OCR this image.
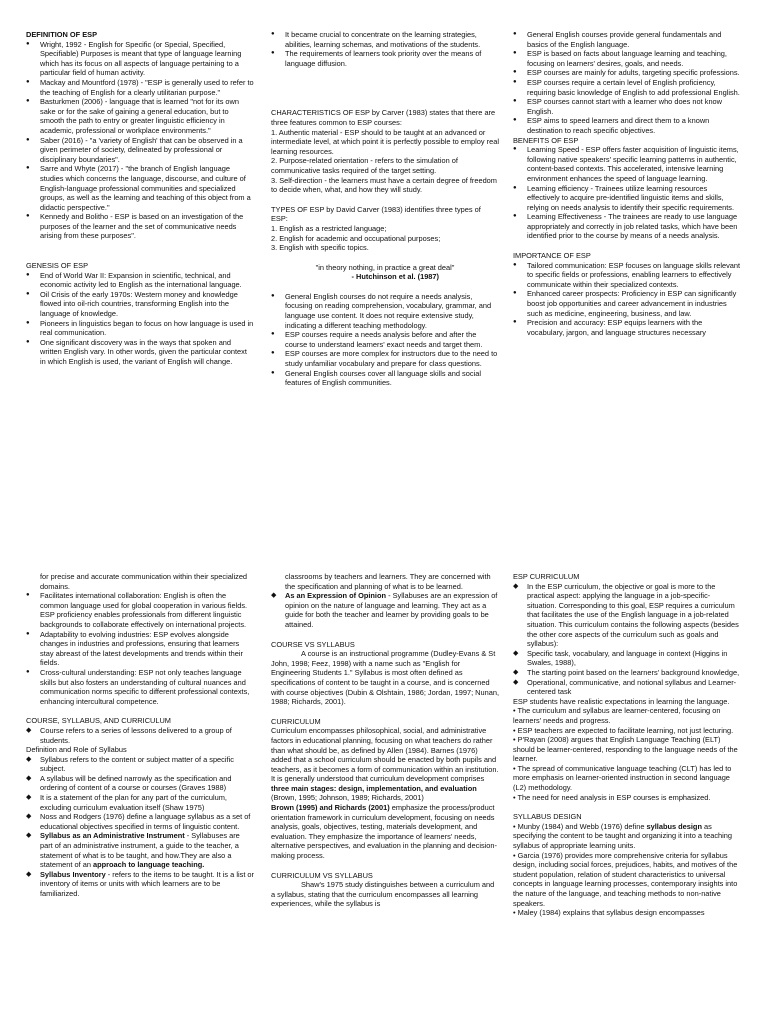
DEFINITION OF ESP

● Wright, 1992 - English for Specific (or Special, Specified, Specifiable) Purposes is meant that type of language learning which has its focus on all aspects of language pertaining to a particular field of human activity.
● Mackay and Mountford (1978) - "ESP is generally used to refer to the teaching of English for a clearly utilitarian purpose."
● Basturkmen (2006) - language that is learned "not for its own sake or for the sake of gaining a general education, but to smooth the path to entry or greater linguistic efficiency in academic, professional or workplace environments."
● Saber (2016) - "a 'variety of English' that can be observed in a given perimeter of society, delineated by professional or disciplinary boundaries".
● Sarre and Whyte (2017) - "the branch of English language studies which concerns the language, discourse, and culture of English-language professional communities and specialized groups, as well as the learning and teaching of this object from a didactic perspective."
● Kennedy and Bolitho - ESP is based on an investigation of the purposes of the learner and the set of communicative needs arising from these purposes".

GENESIS OF ESP

● End of World War II: Expansion in scientific, technical, and economic activity led to English as the international language.
● Oil Crisis of the early 1970s: Western money and knowledge flowed into oil-rich countries, transforming English into the language of knowledge.
● Pioneers in linguistics began to focus on how language is used in real communication.
● One significant discovery was in the ways that spoken and written English vary. In other words, given the particular context in which English is used, the variant of English will change.
● It became crucial to concentrate on the learning strategies, abilities, learning schemas, and motivations of the students.
● The requirements of learners took priority over the means of language diffusion.

CHARACTERISTICS OF ESP by Carver (1983) states that there are three features common to ESP courses:

1. Authentic material - ESP should to be taught at an advanced or intermediate level, at which point it is perfectly possible to employ real learning resources.

2. Purpose-related orientation - refers to the simulation of communicative tasks required of the target setting.

3. Self-direction - the learners must have a certain degree of freedom to decide when, what, and how they will study.

TYPES OF ESP by David Carver (1983) identifies three types of ESP:

1. English as a restricted language;

2. English for academic and occupational purposes;

3. English with specific topics.

"in theory nothing, in practice a great deal"

- Hutchinson et al. (1987)

● General English courses do not require a needs analysis, focusing on reading comprehension, vocabulary, grammar, and language use content. It does not require extensive study, indicating a different teaching methodology.
● ESP courses require a needs analysis before and after the course to understand learners' exact needs and target them.
● ESP courses are more complex for instructors due to the need to study unfamiliar vocabulary and prepare for class questions.
● General English courses cover all language skills and social features of English communities.
● General English courses provide general fundamentals and basics of the English language.
● ESP is based on facts about language learning and teaching, focusing on learners' desires, goals, and needs.
● ESP courses are mainly for adults, targeting specific professions.
● ESP courses require a certain level of English proficiency, requiring basic knowledge of English to add professional English.
● ESP courses cannot start with a learner who does not know English.
● ESP aims to speed learners and direct them to a known destination to reach specific objectives.

BENEFITS OF ESP

● Learning Speed - ESP offers faster acquisition of linguistic items, following native speakers' specific learning patterns in authentic, content-based contexts. This accelerated, intensive learning environment enhances the speed of language learning.
● Learning efficiency - Trainees utilize learning resources effectively to acquire pre-identified linguistic items and skills, relying on needs analysis to identify their specific requirements.
● Learning Effectiveness - The trainees are ready to use language appropriately and correctly in job related tasks, which have been identified prior to the course by means of a needs analysis.

IMPORTANCE OF ESP

● Tailored communication: ESP focuses on language skills relevant to specific fields or professions, enabling learners to effectively communicate within their specialized contexts.
● Enhanced career prospects: Proficiency in ESP can significantly boost job opportunities and career advancement in industries such as medicine, engineering, business, and law.
● Precision and accuracy: ESP equips learners with the vocabulary, jargon, and language structures necessary

for precise and accurate communication within their specialized domains.

● Facilitates international collaboration: English is often the common language used for global cooperation in various fields. ESP proficiency enables professionals from different linguistic backgrounds to collaborate effectively on international projects.
● Adaptability to evolving industries: ESP evolves alongside changes in industries and professions, ensuring that learners stay abreast of the latest developments and trends within their fields.
● Cross-cultural understanding: ESP not only teaches language skills but also fosters an understanding of cultural nuances and communication norms specific to different professional contexts, enhancing intercultural competence.

COURSE, SYLLABUS, AND CURRICULUM

◆ Course refers to a series of lessons delivered to a group of students.

Definition and Role of Syllabus

◆ Syllabus refers to the content or subject matter of a specific subject.
◆ A syllabus will be defined narrowly as the specification and ordering of content of a course or courses (Graves 1988)
◆ It is a statement of the plan for any part of the curriculum, excluding curriculum evaluation itself (Shaw 1975)
◆ Noss and Rodgers (1976) define a language syllabus as a set of educational objectives specified in terms of linguistic content.
◆ Syllabus as an Administrative Instrument - Syllabuses are part of an administrative instrument, a guide to the teacher, a statement of what is to be taught, and how.They are also a statement of an approach to language teaching.
◆ Syllabus Inventory - refers to the items to be taught. It is a list or inventory of items or units with which learners are to be familiarized.

classrooms by teachers and learners. They are concerned with the specification and planning of what is to be learned.

◆ As an Expression of Opinion - Syllabuses are an expression of opinion on the nature of language and learning. They act as a guide for both the teacher and learner by providing goals to be attained.

COURSE VS SYLLABUS

A course is an instructional programme (Dudley-Evans & St John, 1998; Feez, 1998) with a name such as "English for Engineering Students 1." Syllabus is most often defined as specifications of content to be taught in a course, and is concerned with course objectives (Dubin & Olshtain, 1986; Jordan, 1997; Nunan, 1988; Richards, 2001).

CURRICULUM

Curriculum encompasses philosophical, social, and administrative factors in educational planning, focusing on what teachers do rather than what should be, as defined by Allen (1984). Barnes (1976) added that a school curriculum should be enacted by both pupils and teachers, as it becomes a form of communication within an institution. It is generally understood that curriculum development comprises three main stages: design, implementation, and evaluation (Brown, 1995; Johnson, 1989; Richards, 2001)

Brown (1995) and Richards (2001) emphasize the process/product orientation framework in curriculum development, focusing on needs analysis, goals, objectives, testing, materials development, and evaluation. They emphasize the importance of learners' needs, alternative perspectives, and evaluation in the planning and decision-making process.

CURRICULUM VS SYLLABUS

Shaw's 1975 study distinguishes between a curriculum and a syllabus, stating that the curriculum encompasses all learning experiences, while the syllabus is

ESP CURRICULUM

◆ In the ESP curriculum, the objective or goal is more to the practical aspect: applying the language in a job-specific- situation. Corresponding to this goal, ESP requires a curriculum that facilitates the use of the English language in a job-related situation. This curriculum contains the following aspects (besides the other core aspects of the curriculum such as goals and syllabus):
◆ Specific task, vocabulary, and language in context (Higgins in Swales, 1988),
◆ The starting point based on the learners' background knowledge,
◆ Operational, communicative, and notional syllabus and Learner-centered task

ESP students have realistic expectations in learning the language.

• The curriculum and syllabus are learner-centered, focusing on learners' needs and progress.

• ESP teachers are expected to facilitate learning, not just lecturing.

• P'Rayan (2008) argues that English Language Teaching (ELT) should be learner-centered, responding to the language needs of the learner.

• The spread of communicative language teaching (CLT) has led to more emphasis on learner-oriented instruction in second language (L2) methodology.

• The need for need analysis in ESP courses is emphasized.

SYLLABUS DESIGN

• Munby (1984) and Webb (1976) define syllabus design as specifying the content to be taught and organizing it into a teaching syllabus of appropriate learning units.

• Garcia (1976) provides more comprehensive criteria for syllabus design, including social forces, prejudices, habits, and motives of the student population, relation of student characteristics to universal concepts in language learning processes, contemporary insights into the nature of the language, and teaching methods to non-native speakers.

• Maley (1984) explains that syllabus design encompasses
